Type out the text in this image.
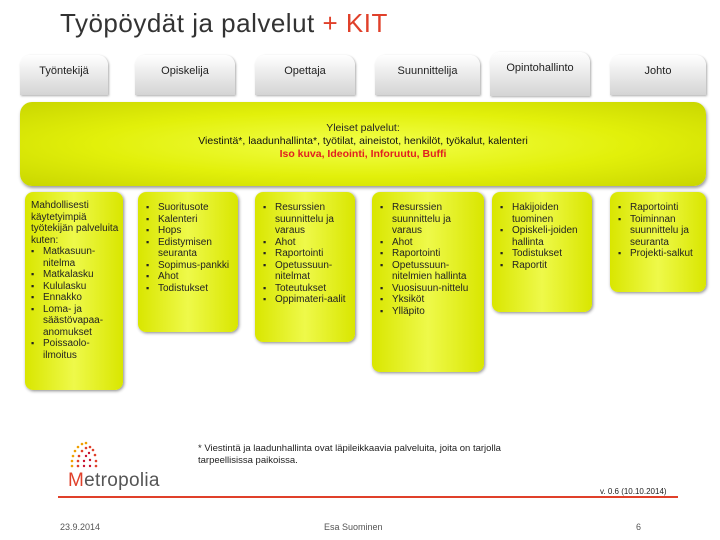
Työpöydät ja palvelut + KIT
Työntekijä	Opiskelija	Opettaja	Suunnittelija	Opintohallinto	Johto
Yleiset palvelut:
Viestintä*, laadunhallinta*, työtilat, aineistot, henkilöt, työkalut, kalenteri
Iso kuva, Ideointi, Inforuutu, Buffi
Mahdollisesti käytetyimpiä työtekijän palveluita kuten:
▪ Matkasuun-nitelma
▪ Matkalasku
▪ Kululasku
▪ Ennakko
▪ Loma- ja säästövapaa-anomukset
▪ Poissaolo-ilmoitus
▪ Suoritusote
▪ Kalenteri
▪ Hops
▪ Edistymisen seuranta
▪ Sopimus-pankki
▪ Ahot
▪ Todistukset
▪ Resurssien suunnittelu ja varaus
▪ Ahot
▪ Raportointi
▪ Opetussuun-nitelmat
▪ Toteutukset
▪ Oppimateri-aalit
▪ Resurssien suunnittelu ja varaus
▪ Ahot
▪ Raportointi
▪ Opetussuun-nitelmien hallinta
▪ Vuosisuun-nittelu
▪ Yksiköt
▪ Ylläpito
▪ Hakijoiden tuominen
▪ Opiskeli-joiden hallinta
▪ Todistukset
▪ Raportit
▪ Raportointi
▪ Toiminnan suunnittelu ja seuranta
▪ Projekti-salkut
* Viestintä ja laadunhallinta ovat läpileikkaavia palveluita, joita on tarjolla tarpeellisissa paikoissa.
Metropolia
v. 0.6 (10.10.2014)
23.9.2014	Esa Suominen	6
